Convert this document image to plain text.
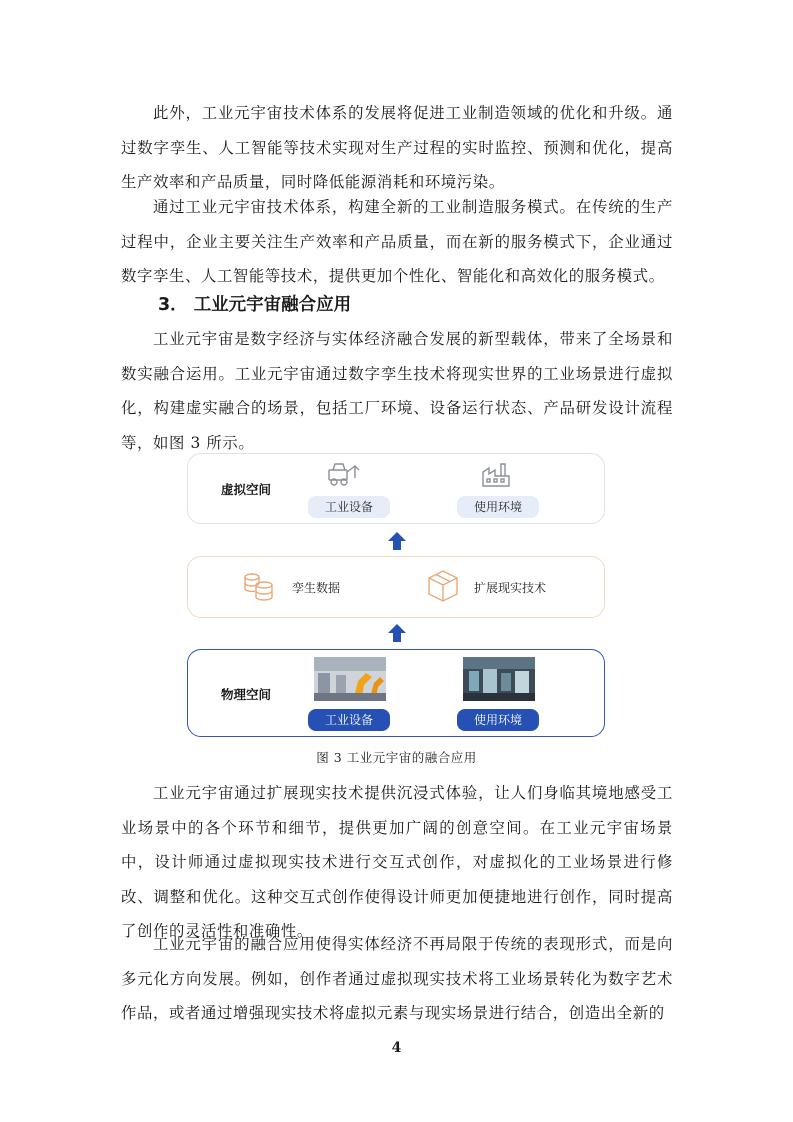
此外，工业元宇宙技术体系的发展将促进工业制造领域的优化和升级。通过数字孪生、人工智能等技术实现对生产过程的实时监控、预测和优化，提高生产效率和产品质量，同时降低能源消耗和环境污染。

通过工业元宇宙技术体系，构建全新的工业制造服务模式。在传统的生产过程中，企业主要关注生产效率和产品质量，而在新的服务模式下，企业通过数字孪生、人工智能等技术，提供更加个性化、智能化和高效化的服务模式。

3． 工业元宇宙融合应用

工业元宇宙是数字经济与实体经济融合发展的新型载体，带来了全场景和数实融合运用。工业元宇宙通过数字孪生技术将现实世界的工业场景进行虚拟化，构建虚实融合的场景，包括工厂环境、设备运行状态、产品研发设计流程等，如图 3 所示。

虚拟空间
工业设备	使用环境
孪生数据	扩展现实技术
物理空间
工业设备	使用环境
图 3 工业元宇宙的融合应用

工业元宇宙通过扩展现实技术提供沉浸式体验，让人们身临其境地感受工业场景中的各个环节和细节，提供更加广阔的创意空间。在工业元宇宙场景中，设计师通过虚拟现实技术进行交互式创作，对虚拟化的工业场景进行修改、调整和优化。这种交互式创作使得设计师更加便捷地进行创作，同时提高了创作的灵活性和准确性。

工业元宇宙的融合应用使得实体经济不再局限于传统的表现形式，而是向多元化方向发展。例如，创作者通过虚拟现实技术将工业场景转化为数字艺术作品，或者通过增强现实技术将虚拟元素与现实场景进行结合，创造出全新的

4
